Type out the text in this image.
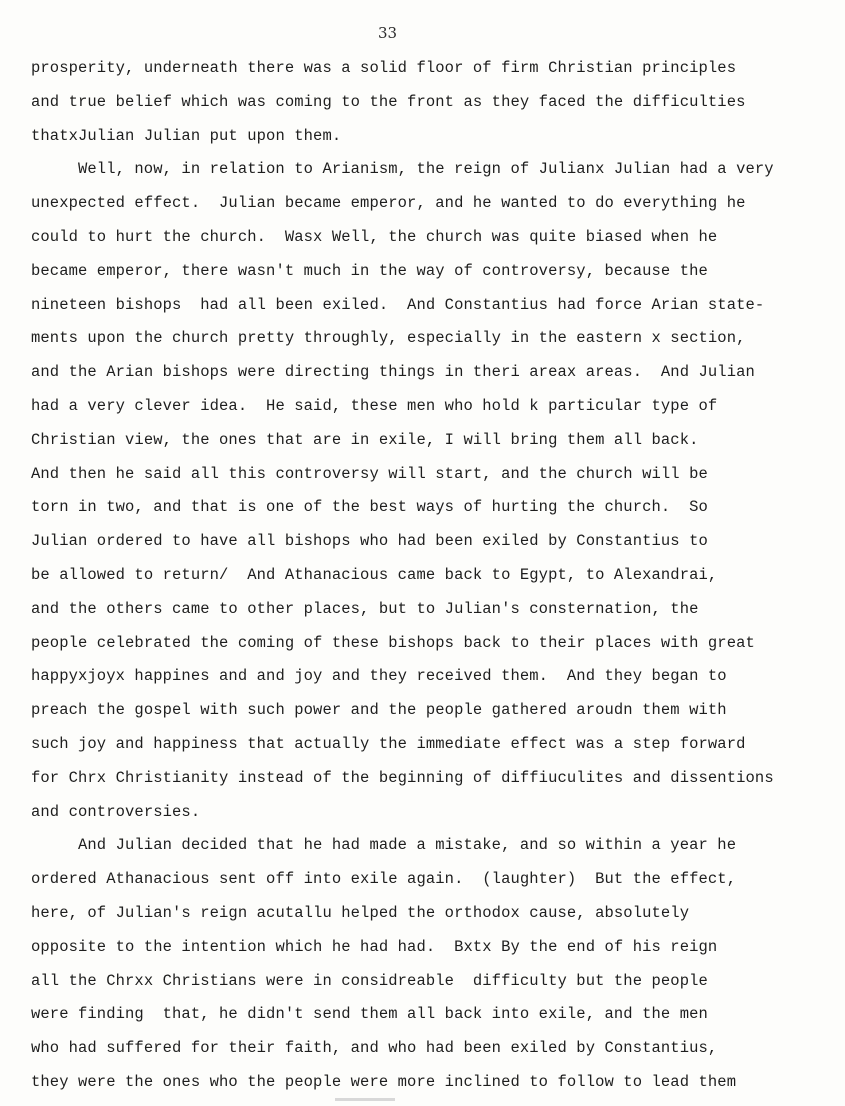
33
prosperity, underneath there was a solid floor of firm Christian principles
and true belief which was coming to the front as they faced the difficulties
thatxJulian Julian put upon them.
Well, now, in relation to Arianism, the reign of Julianx Julian had a very
unexpected effect.  Julian became emperor, and he wanted to do everything he
could to hurt the church.  Wasx Well, the church was quite biased when he
became emperor, there wasn't much in the way of controversy, because the
nineteen bishops  had all been exiled.  And Constantius had force Arian state-
ments upon the church pretty throughly, especially in the eastern x section,
and the Arian bishops were directing things in theri areax areas.  And Julian
had a very clever idea.  He said, these men who hold k particular type of
Christian view, the ones that are in exile, I will bring them all back.
And then he said all this controversy will start, and the church will be
torn in two, and that is one of the best ways of hurting the church.  So
Julian ordered to have all bishops who had been exiled by Constantius to
be allowed to return/  And Athanacious came back to Egypt, to Alexandrai,
and the others came to other places, but to Julian's consternation, the
people celebrated the coming of these bishops back to their places with great
happyxjoyx happines and and joy and they received them.  And they began to
preach the gospel with such power and the people gathered aroudn them with
such joy and happiness that actually the immediate effect was a step forward
for Chrx Christianity instead of the beginning of diffiuculites and dissentions
and controversies.
And Julian decided that he had made a mistake, and so within a year he
ordered Athanacious sent off into exile again.  (laughter)  But the effect,
here, of Julian's reign acutallu helped the orthodox cause, absolutely
opposite to the intention which he had had.  Bxtx By the end of his reign
all the Chrxx Christians were in considreable  difficulty but the people
were finding  that, he didn't send them all back into exile, and the men
who had suffered for their faith, and who had been exiled by Constantius,
they were the ones who the people were more inclined to follow to lead them
